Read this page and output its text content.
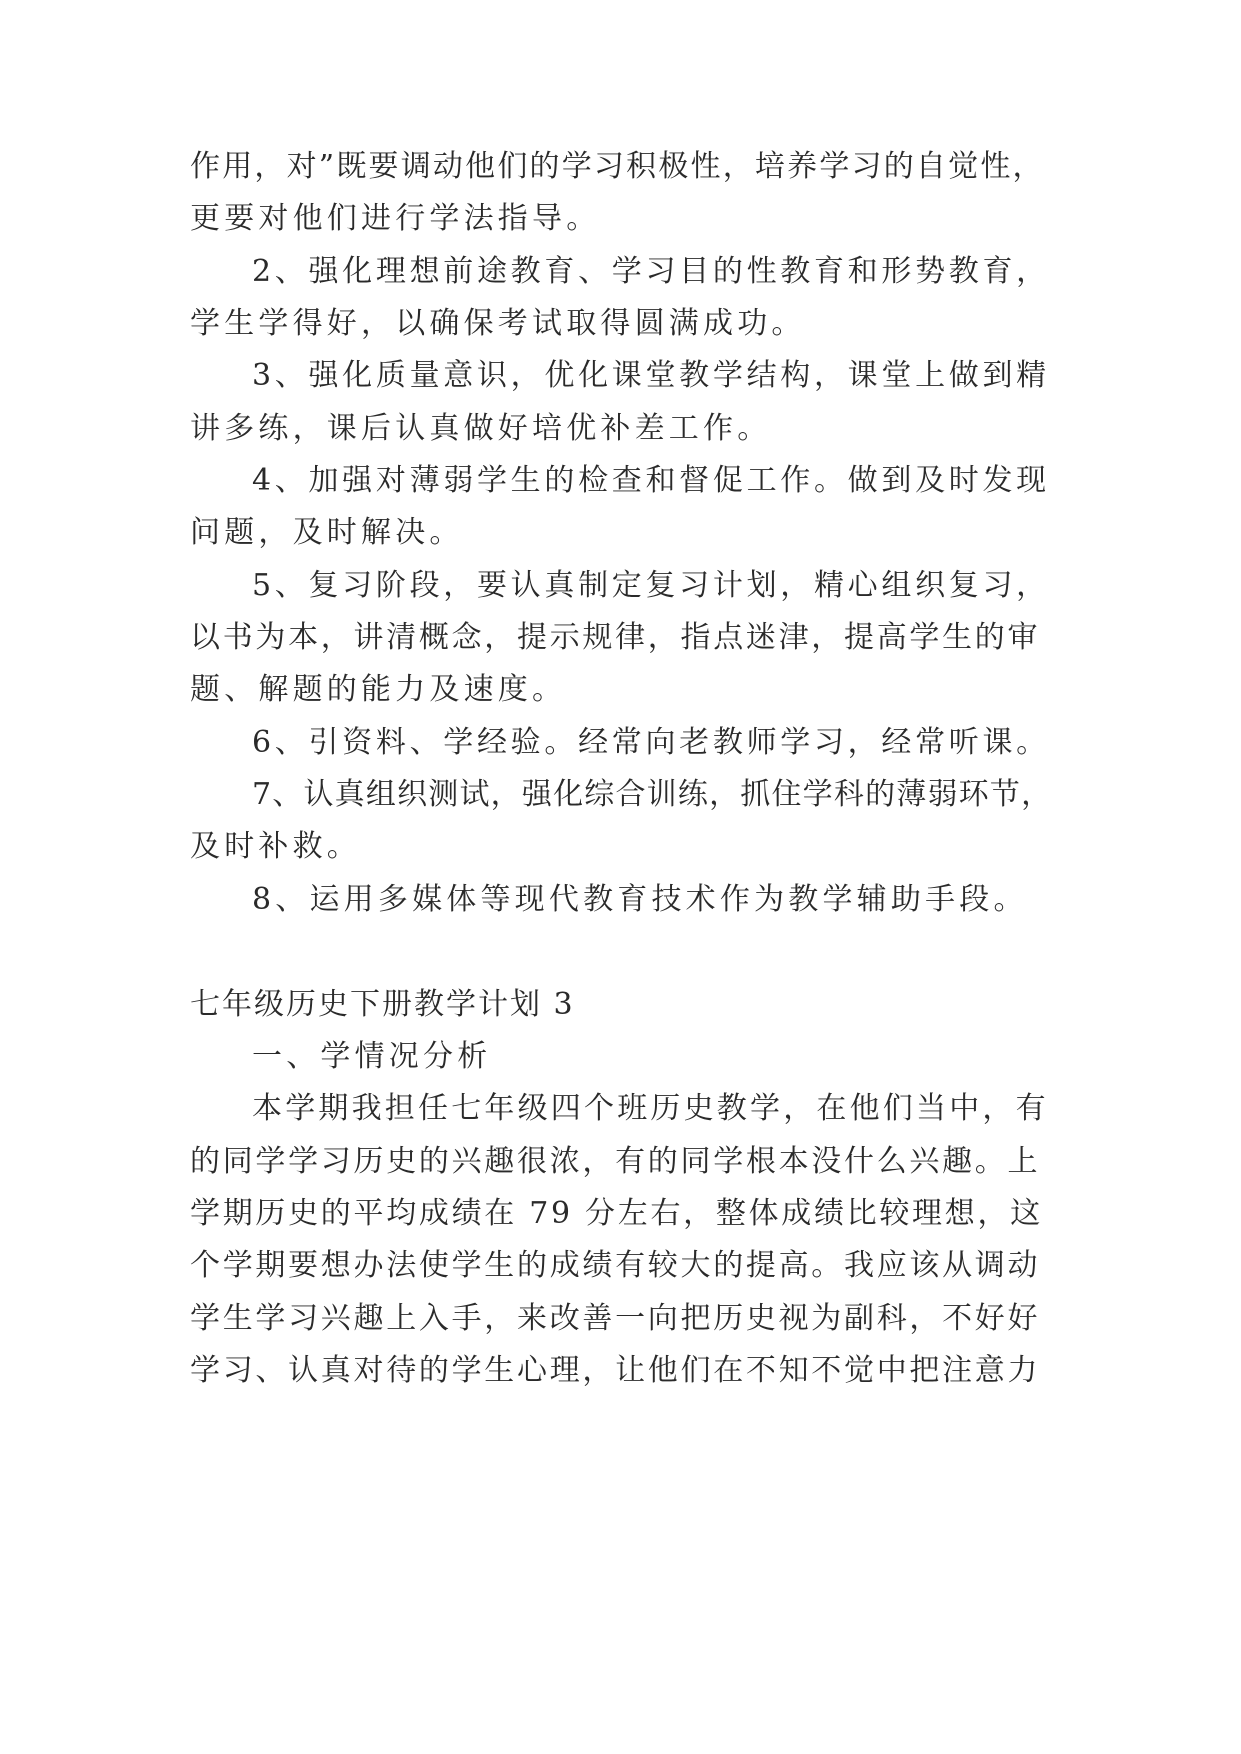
作用，对”既要调动他们的学习积极性，培养学习的自觉性，
更要对他们进行学法指导。
2、强化理想前途教育、学习目的性教育和形势教育，
学生学得好，以确保考试取得圆满成功。
3、强化质量意识，优化课堂教学结构，课堂上做到精
讲多练，课后认真做好培优补差工作。
4、加强对薄弱学生的检查和督促工作。做到及时发现
问题，及时解决。
5、复习阶段，要认真制定复习计划，精心组织复习，
以书为本，讲清概念，提示规律，指点迷津，提高学生的审
题、解题的能力及速度。
6、引资料、学经验。经常向老教师学习，经常听课。
7、认真组织测试，强化综合训练，抓住学科的薄弱环节，
及时补救。
8、运用多媒体等现代教育技术作为教学辅助手段。
七年级历史下册教学计划 3
一、学情况分析
本学期我担任七年级四个班历史教学，在他们当中，有
的同学学习历史的兴趣很浓，有的同学根本没什么兴趣。上
学期历史的平均成绩在 79 分左右，整体成绩比较理想，这
个学期要想办法使学生的成绩有较大的提高。我应该从调动
学生学习兴趣上入手，来改善一向把历史视为副科，不好好
学习、认真对待的学生心理，让他们在不知不觉中把注意力
